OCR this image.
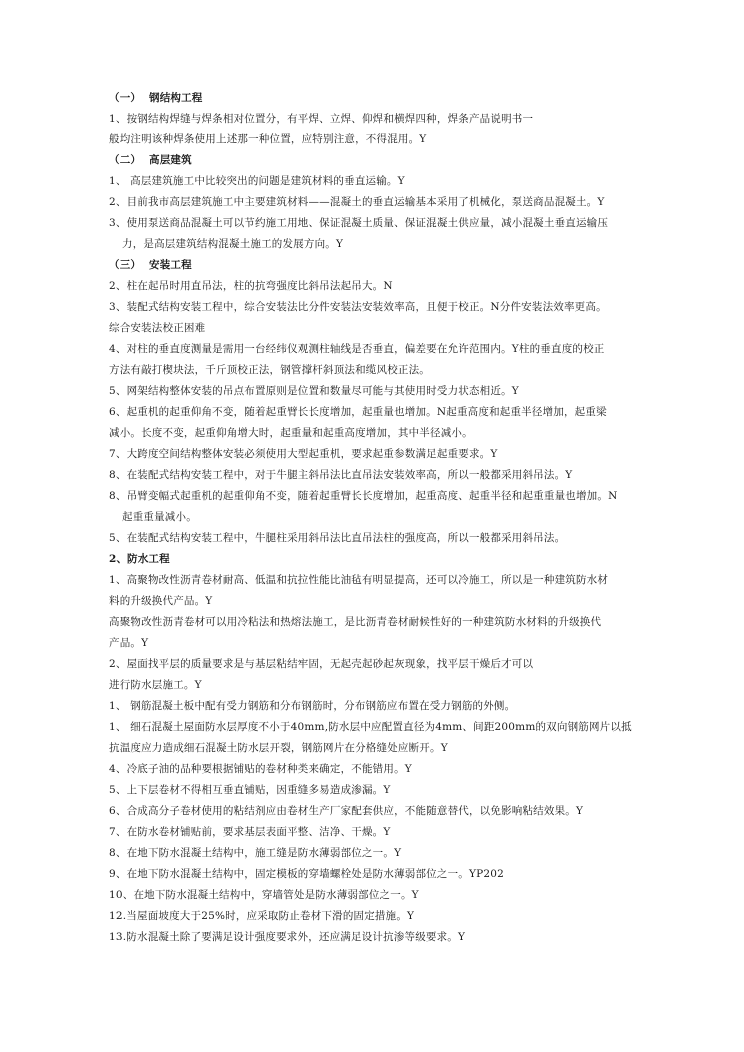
（一） 钢结构工程
1、按钢结构焊缝与焊条相对位置分，有平焊、立焊、仰焊和横焊四种，焊条产品说明书一
般均注明该种焊条使用上述那一种位置，应特别注意，不得混用。Y
（二） 高层建筑
1、 高层建筑施工中比较突出的问题是建筑材料的垂直运输。Y
2、目前我市高层建筑施工中主要建筑材料——混凝土的垂直运输基本采用了机械化，泵送商品混凝土。Y
3、使用泵送商品混凝土可以节约施工用地、保证混凝土质量、保证混凝土供应量，减小混凝土垂直运输压
力，是高层建筑结构混凝土施工的发展方向。Y
（三） 安装工程
2、柱在起吊时用直吊法，柱的抗弯强度比斜吊法起吊大。N
3、装配式结构安装工程中，综合安装法比分件安装法安装效率高，且便于校正。N分件安装法效率更高。
综合安装法校正困难
4、对柱的垂直度测量是需用一台经纬仪观测柱轴线是否垂直，偏差要在允许范围内。Y柱的垂直度的校正
方法有敲打楔块法，千斤顶校正法，钢管撑杆斜顶法和缆风校正法。
5、网架结构整体安装的吊点布置原则是位置和数量尽可能与其使用时受力状态相近。Y
6、起重机的起重仰角不变，随着起重臂长长度增加，起重量也增加。N起重高度和起重半径增加，起重梁
减小。长度不变，起重仰角增大时，起重量和起重高度增加，其中半径减小。
7、大跨度空间结构整体安装必须使用大型起重机，要求起重参数满足起重要求。Y
8、在装配式结构安装工程中，对于牛腿主斜吊法比直吊法安装效率高，所以一般都采用斜吊法。Y
8、吊臂变幅式起重机的起重仰角不变，随着起重臂长长度增加，起重高度、起重半径和起重重量也增加。N
起重重量减小。
5、在装配式结构安装工程中，牛腿柱采用斜吊法比直吊法柱的强度高，所以一般都采用斜吊法。
2、防水工程
1、高聚物改性沥青卷材耐高、低温和抗拉性能比油毡有明显提高，还可以冷施工，所以是一种建筑防水材
料的升级换代产品。Y
高聚物改性沥青卷材可以用冷粘法和热熔法施工，是比沥青卷材耐候性好的一种建筑防水材料的升级换代
产品。Y
2、屋面找平层的质量要求是与基层粘结牢固，无起壳起砂起灰现象，找平层干燥后才可以
进行防水层施工。Y
1、 钢筋混凝土板中配有受力钢筋和分布钢筋时，分布钢筋应布置在受力钢筋的外侧。
1、 细石混凝土屋面防水层厚度不小于40mm,防水层中应配置直径为4mm、间距200mm的双向钢筋网片以抵
抗温度应力造成细石混凝土防水层开裂，钢筋网片在分格缝处应断开。Y
4、冷底子油的品种要根据铺贴的卷材种类来确定，不能错用。Y
5、上下层卷材不得相互垂直铺贴，因重缝多易造成渗漏。Y
6、合成高分子卷材使用的粘结剂应由卷材生产厂家配套供应，不能随意替代，以免影响粘结效果。Y
7、在防水卷材铺贴前，要求基层表面平整、洁净、干燥。Y
8、在地下防水混凝土结构中，施工缝是防水薄弱部位之一。Y
9、在地下防水混凝土结构中，固定模板的穿墙螺栓处是防水薄弱部位之一。YP202
10、在地下防水混凝土结构中，穿墙管处是防水薄弱部位之一。Y
12.当屋面坡度大于25%时，应采取防止卷材下滑的固定措施。Y
13.防水混凝土除了要满足设计强度要求外，还应满足设计抗渗等级要求。Y
